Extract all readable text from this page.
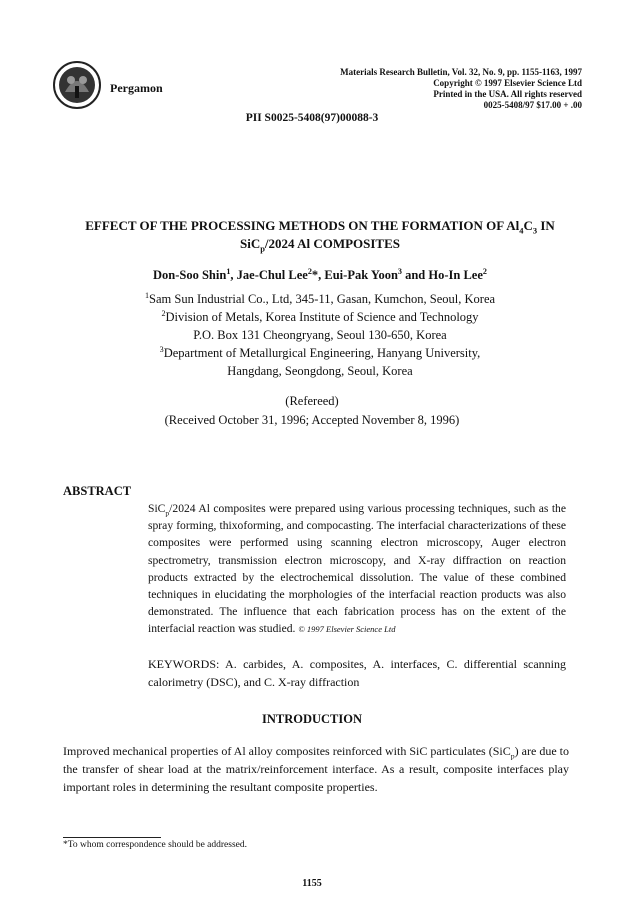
Pergamon
Materials Research Bulletin, Vol. 32, No. 9, pp. 1155-1163, 1997
Copyright © 1997 Elsevier Science Ltd
Printed in the USA. All rights reserved
0025-5408/97 $17.00 + .00
PII S0025-5408(97)00088-3
EFFECT OF THE PROCESSING METHODS ON THE FORMATION OF $Al_4C_3$ IN
SiC$_p$/2024 Al COMPOSITES
Don-Soo Shin$^1$, Jae-Chul Lee$^2$*, Eui-Pak Yoon$^3$ and Ho-In Lee$^2$
$^1$Sam Sun Industrial Co., Ltd, 345-11, Gasan, Kumchon, Seoul, Korea
$^2$Division of Metals, Korea Institute of Science and Technology
P.O. Box 131 Cheongryang, Seoul 130-650, Korea
$^3$Department of Metallurgical Engineering, Hanyang University,
Hangdang, Seongdong, Seoul, Korea
(Refereed)
(Received October 31, 1996; Accepted November 8, 1996)
ABSTRACT
SiC$_p$/2024 Al composites were prepared using various processing techniques, such as the spray forming, thixoforming, and compocasting. The interfacial characterizations of these composites were performed using scanning electron microscopy, Auger electron spectrometry, transmission electron microscopy, and X-ray diffraction on reaction products extracted by the electrochemical dissolution. The value of these combined techniques in elucidating the morphologies of the interfacial reaction products was also demonstrated. The influence that each fabrication process has on the extent of the interfacial reaction was studied. © 1997 Elsevier Science Ltd
KEYWORDS: A. carbides, A. composites, A. interfaces, C. differential scanning calorimetry (DSC), and C. X-ray diffraction
INTRODUCTION
Improved mechanical properties of Al alloy composites reinforced with SiC particulates (SiC$_p$) are due to the transfer of shear load at the matrix/reinforcement interface. As a result, composite interfaces play important roles in determining the resultant composite properties.
*To whom correspondence should be addressed.
1155
